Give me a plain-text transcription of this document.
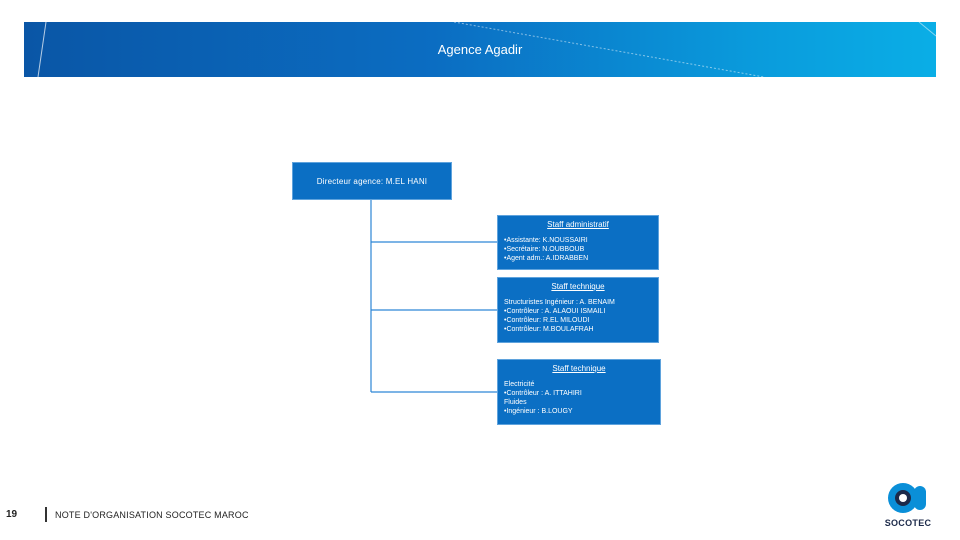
Agence Agadir
Directeur agence: M.EL HANI
Staff administratif
•Assistante: K.NOUSSAIRI
•Secrétaire: N.OUBBOUB
•Agent adm.: A.IDRABBEN
Staff technique
Structuristes Ingénieur : A. BENAIM
•Contrôleur : A. ALAOUI ISMAILI
•Contrôleur: R.EL MILOUDI
•Contrôleur: M.BOULAFRAH
Staff technique
Electricité
•Contrôleur : A. ITTAHIRI
Fluides
•Ingénieur : B.LOUGY
19	NOTE D'ORGANISATION SOCOTEC MAROC
SOCOTEC
